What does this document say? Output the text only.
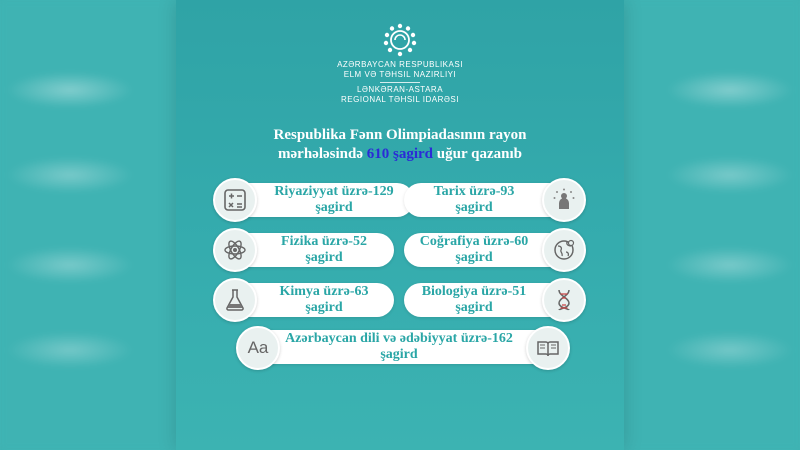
AZƏRBAYCAN RESPUBLIKASI
ELM VƏ TƏHSIL NAZIRLIYI
LƏNKƏRAN-ASTARA
REGIONAL TƏHSIL IDARƏSI
Respublika Fənn Olimpiadasının rayon
mərhələsində 610 şagird uğur qazanıb
Riyaziyyat üzrə-129
şagird
Tarix üzrə-93
şagird
Fizika üzrə-52
şagird
Coğrafiya üzrə-60
şagird
Kimya üzrə-63
şagird
Biologiya üzrə-51
şagird
Azərbaycan dili və ədəbiyyat üzrə-162
şagird
Aa
